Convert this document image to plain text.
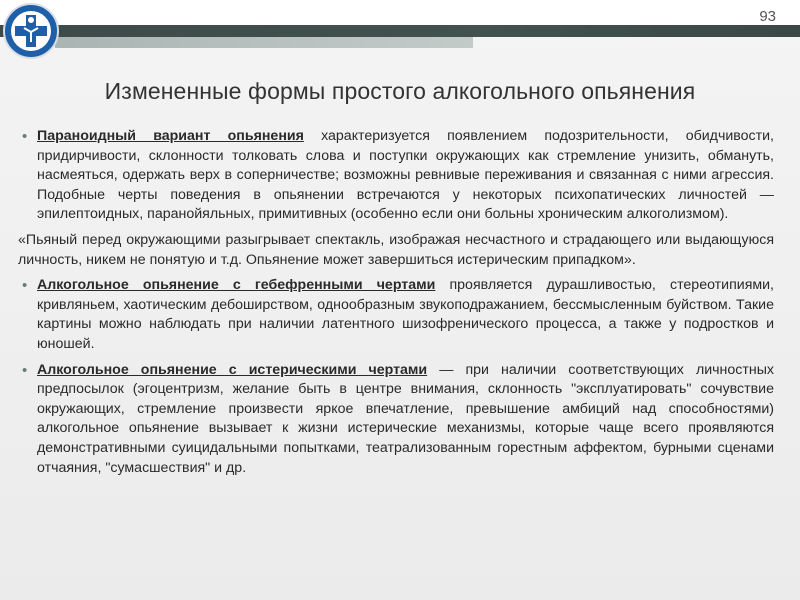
93
Измененные формы простого алкогольного опьянения

• Параноидный вариант опьянения характеризуется появлением подозрительности, обидчивости, придирчивости, склонности толковать слова и поступки окружающих как стремление унизить, обмануть, насмеяться, одержать верх в соперничестве; возможны ревнивые переживания и связанная с ними агрессия. Подобные черты поведения в опьянении встречаются у некоторых психопатических личностей — эпилептоидных, паранойяльных, примитивных (особенно если они больны хроническим алкоголизмом).

«Пьяный перед окружающими разыгрывает спектакль, изображая несчастного и страдающего или выдающуюся личность, никем не понятую и т.д. Опьянение может завершиться истерическим припадком».

• Алкогольное опьянение с гебефренными чертами проявляется дурашливостью, стереотипиями, кривляньем, хаотическим дебоширством, однообразным звукоподражанием, бессмысленным буйством. Такие картины можно наблюдать при наличии латентного шизофренического процесса, а также у подростков и юношей.

• Алкогольное опьянение с истерическими чертами — при наличии соответствующих личностных предпосылок (эгоцентризм, желание быть в центре внимания, склонность "эксплуатировать" сочувствие окружающих, стремление произвести яркое впечатление, превышение амбиций над способностями) алкогольное опьянение вызывает к жизни истерические механизмы, которые чаще всего проявляются демонстративными суицидальными попытками, театрализованным горестным аффектом, бурными сценами отчаяния, "сумасшествия" и др.
